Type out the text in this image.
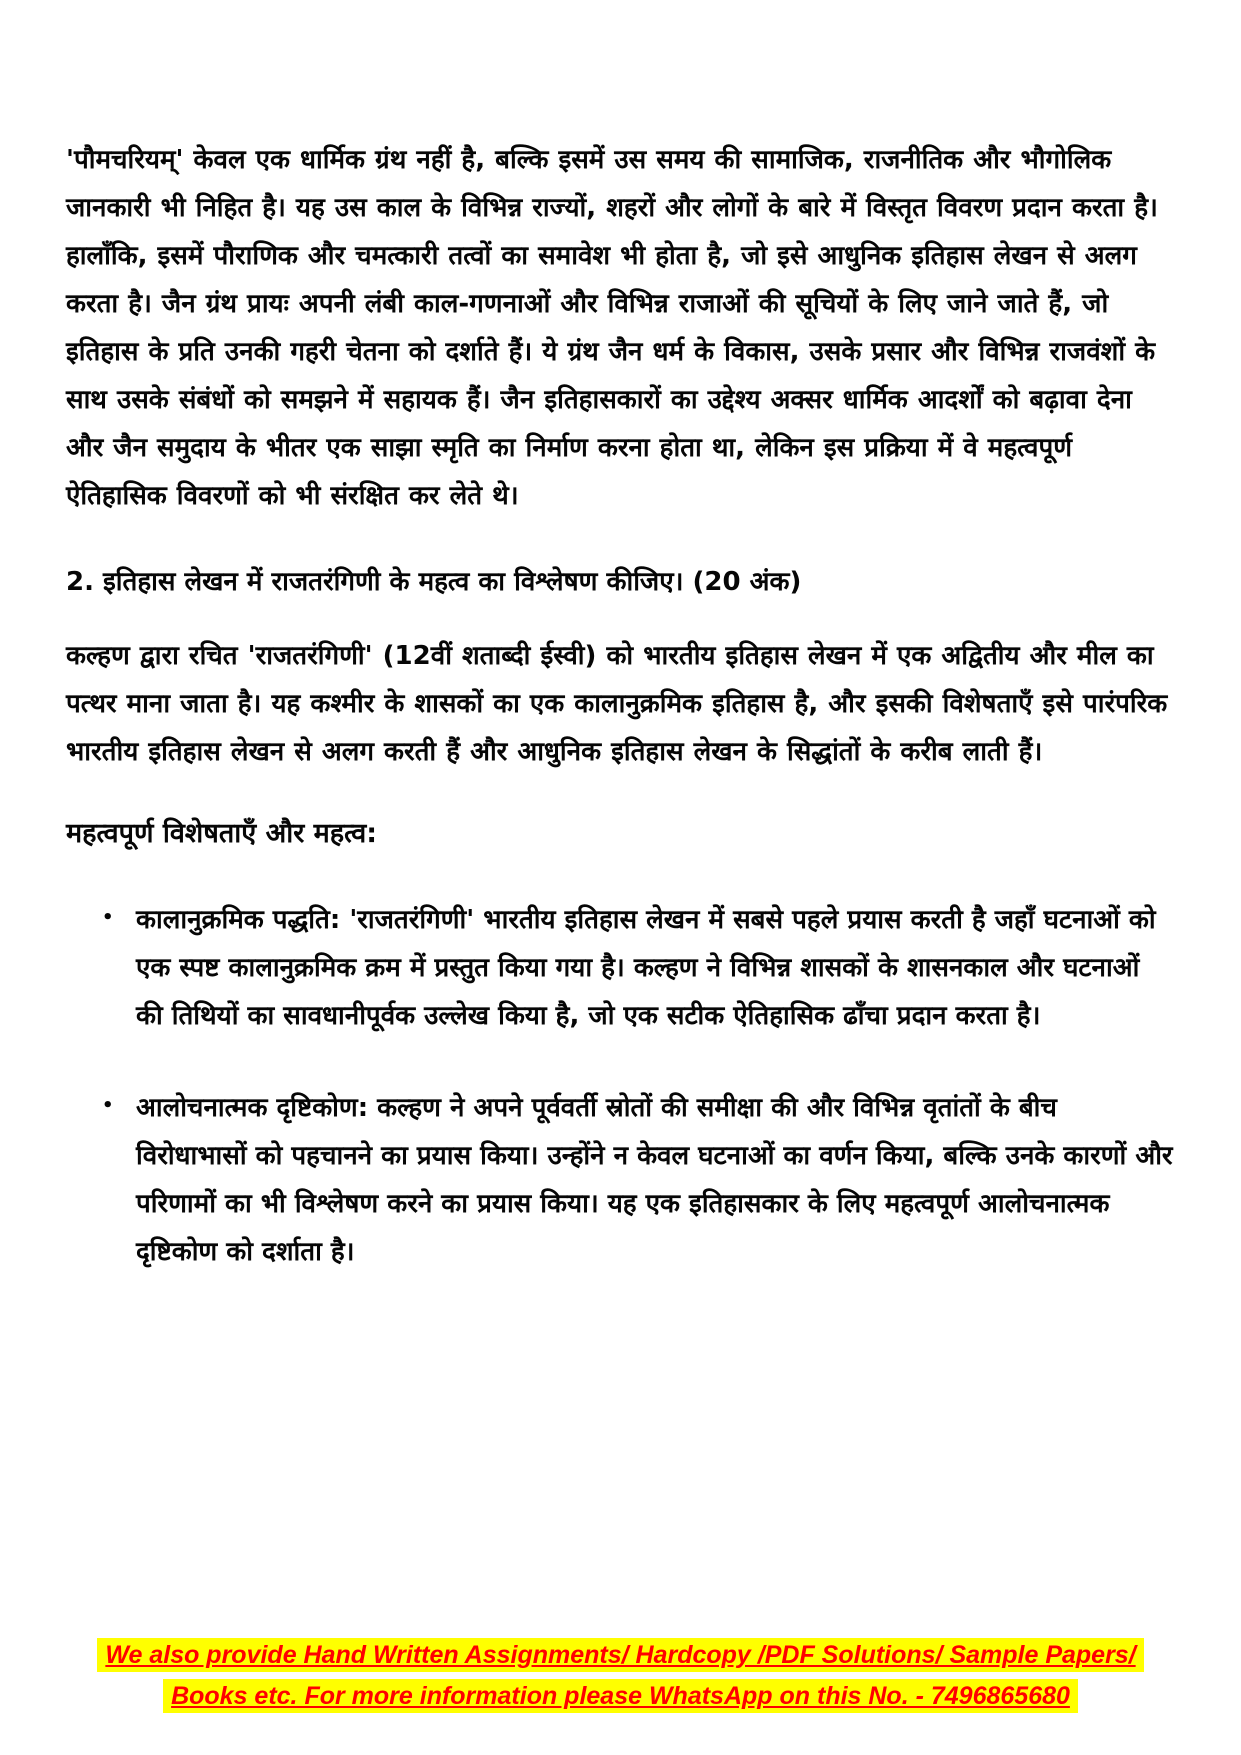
'पौमचरियम्' केवल एक धार्मिक ग्रंथ नहीं है, बल्कि इसमें उस समय की सामाजिक, राजनीतिक और भौगोलिक जानकारी भी निहित है। यह उस काल के विभिन्न राज्यों, शहरों और लोगों के बारे में विस्तृत विवरण प्रदान करता है। हालाँकि, इसमें पौराणिक और चमत्कारी तत्वों का समावेश भी होता है, जो इसे आधुनिक इतिहास लेखन से अलग करता है। जैन ग्रंथ प्रायः अपनी लंबी काल-गणनाओं और विभिन्न राजाओं की सूचियों के लिए जाने जाते हैं, जो इतिहास के प्रति उनकी गहरी चेतना को दर्शाते हैं। ये ग्रंथ जैन धर्म के विकास, उसके प्रसार और विभिन्न राजवंशों के साथ उसके संबंधों को समझने में सहायक हैं। जैन इतिहासकारों का उद्देश्य अक्सर धार्मिक आदर्शों को बढ़ावा देना और जैन समुदाय के भीतर एक साझा स्मृति का निर्माण करना होता था, लेकिन इस प्रक्रिया में वे महत्वपूर्ण ऐतिहासिक विवरणों को भी संरक्षित कर लेते थे।

2. इतिहास लेखन में राजतरंगिणी के महत्व का विश्लेषण कीजिए। (20 अंक)

कल्हण द्वारा रचित 'राजतरंगिणी' (12वीं शताब्दी ईस्वी) को भारतीय इतिहास लेखन में एक अद्वितीय और मील का पत्थर माना जाता है। यह कश्मीर के शासकों का एक कालानुक्रमिक इतिहास है, और इसकी विशेषताएँ इसे पारंपरिक भारतीय इतिहास लेखन से अलग करती हैं और आधुनिक इतिहास लेखन के सिद्धांतों के करीब लाती हैं।

महत्वपूर्ण विशेषताएँ और महत्व:

• कालानुक्रमिक पद्धति: 'राजतरंगिणी' भारतीय इतिहास लेखन में सबसे पहले प्रयास करती है जहाँ घटनाओं को एक स्पष्ट कालानुक्रमिक क्रम में प्रस्तुत किया गया है। कल्हण ने विभिन्न शासकों के शासनकाल और घटनाओं की तिथियों का सावधानीपूर्वक उल्लेख किया है, जो एक सटीक ऐतिहासिक ढाँचा प्रदान करता है।
• आलोचनात्मक दृष्टिकोण: कल्हण ने अपने पूर्ववर्ती स्रोतों की समीक्षा की और विभिन्न वृतांतों के बीच विरोधाभासों को पहचानने का प्रयास किया। उन्होंने न केवल घटनाओं का वर्णन किया, बल्कि उनके कारणों और परिणामों का भी विश्लेषण करने का प्रयास किया। यह एक इतिहासकार के लिए महत्वपूर्ण आलोचनात्मक दृष्टिकोण को दर्शाता है।
We also provide Hand Written Assignments/ Hardcopy /PDF Solutions/ Sample Papers/
Books etc. For more information please WhatsApp on this No. - 7496865680
